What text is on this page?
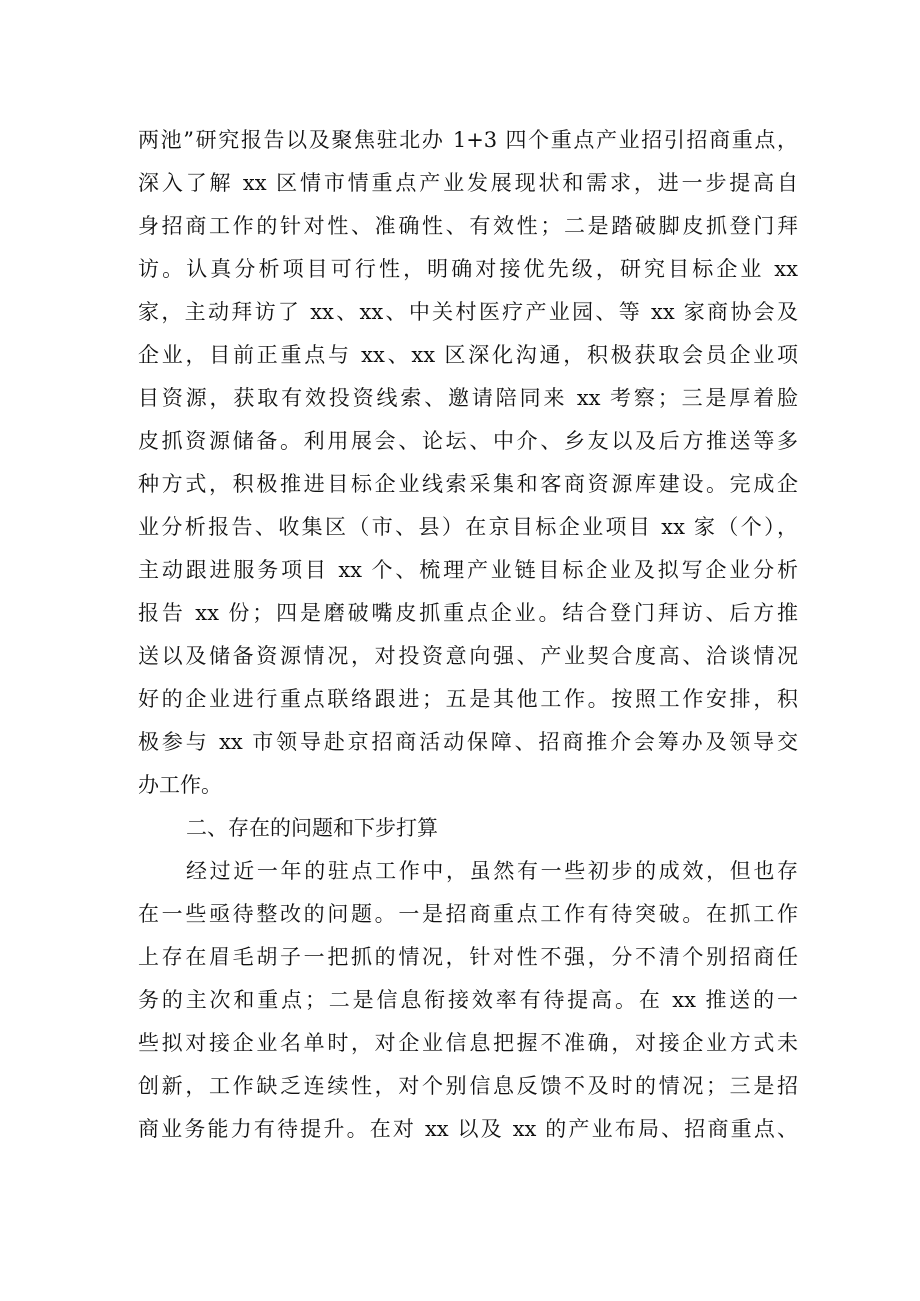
两池”研究报告以及聚焦驻北办 1+3 四个重点产业招引招商重点，
深入了解 xx 区情市情重点产业发展现状和需求，进一步提高自
身招商工作的针对性、准确性、有效性；二是踏破脚皮抓登门拜
访。认真分析项目可行性，明确对接优先级，研究目标企业 xx
家，主动拜访了 xx、xx、中关村医疗产业园、等 xx 家商协会及
企业，目前正重点与 xx、xx 区深化沟通，积极获取会员企业项
目资源，获取有效投资线索、邀请陪同来 xx 考察；三是厚着脸
皮抓资源储备。利用展会、论坛、中介、乡友以及后方推送等多
种方式，积极推进目标企业线索采集和客商资源库建设。完成企
业分析报告、收集区（市、县）在京目标企业项目 xx 家（个），
主动跟进服务项目 xx 个、梳理产业链目标企业及拟写企业分析
报告 xx 份；四是磨破嘴皮抓重点企业。结合登门拜访、后方推
送以及储备资源情况，对投资意向强、产业契合度高、洽谈情况
好的企业进行重点联络跟进；五是其他工作。按照工作安排，积
极参与 xx 市领导赴京招商活动保障、招商推介会筹办及领导交
办工作。
二、存在的问题和下步打算
经过近一年的驻点工作中，虽然有一些初步的成效，但也存
在一些亟待整改的问题。一是招商重点工作有待突破。在抓工作
上存在眉毛胡子一把抓的情况，针对性不强，分不清个别招商任
务的主次和重点；二是信息衔接效率有待提高。在 xx 推送的一
些拟对接企业名单时，对企业信息把握不准确，对接企业方式未
创新，工作缺乏连续性，对个别信息反馈不及时的情况；三是招
商业务能力有待提升。在对 xx 以及 xx 的产业布局、招商重点、
